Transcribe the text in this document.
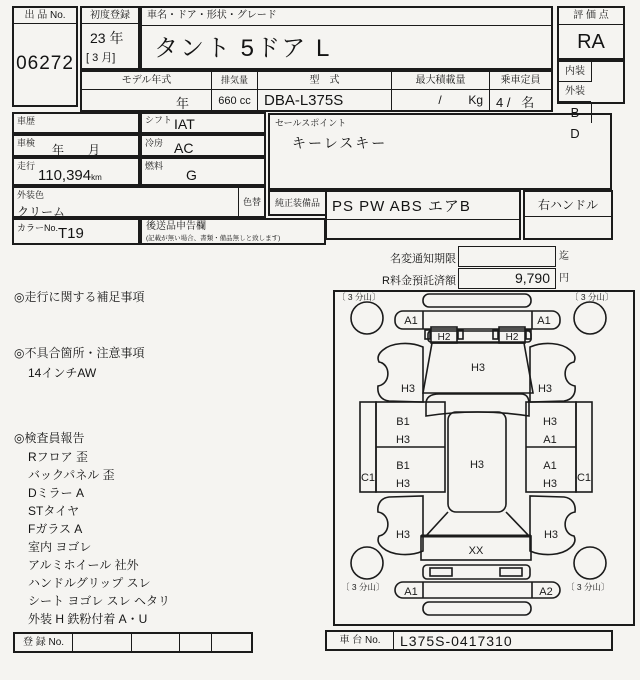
出 品 No.
06272
初度登録
23 年
[ 3 月]
車名・ドア・形状・グレード
タント 5ドア L
評 価 点
RA
内装
外装
B
D
モデル年式
年
排気量
660 cc
型　式
DBA-L375S
最大積載量
/        Kg
乗車定員
4 /   名
車歴	シフト IAT
車検 年　　月	冷房 AC
走行
110,394km
燃料
G
外装色
クリーム
色替
カラーNo. T19	後送品申告欄
(記載が無い場合、書類・備品無しと致します)
セールスポイント
キーレスキー
純正装備品 PS PW ABS エアB	右ハンドル
名変通知期限	迄
R料金預託済額	9,790 円
◎走行に関する補足事項
◎不具合箇所・注意事項
14インチAW
◎検査員報告
Rフロア 歪
バックパネル 歪
Dミラー A
STタイヤ
Fガラス A
室内 ヨゴレ
アルミホイール 社外
ハンドルグリップ スレ
シート ヨゴレ スレ ヘタリ
外装 H 鉄粉付着 A・U
A1	A1
H2	H2
H3
H3	H3
B1
H3
B1
H3
H3
H3
A1
A1
H3
C1	C1
H3	H3
XX
A1	A2
〔 3 分山〕	〔 3 分山〕
〔 3 分山〕	〔 3 分山〕
登 録 No.	車 台 No.	L375S-0417310
